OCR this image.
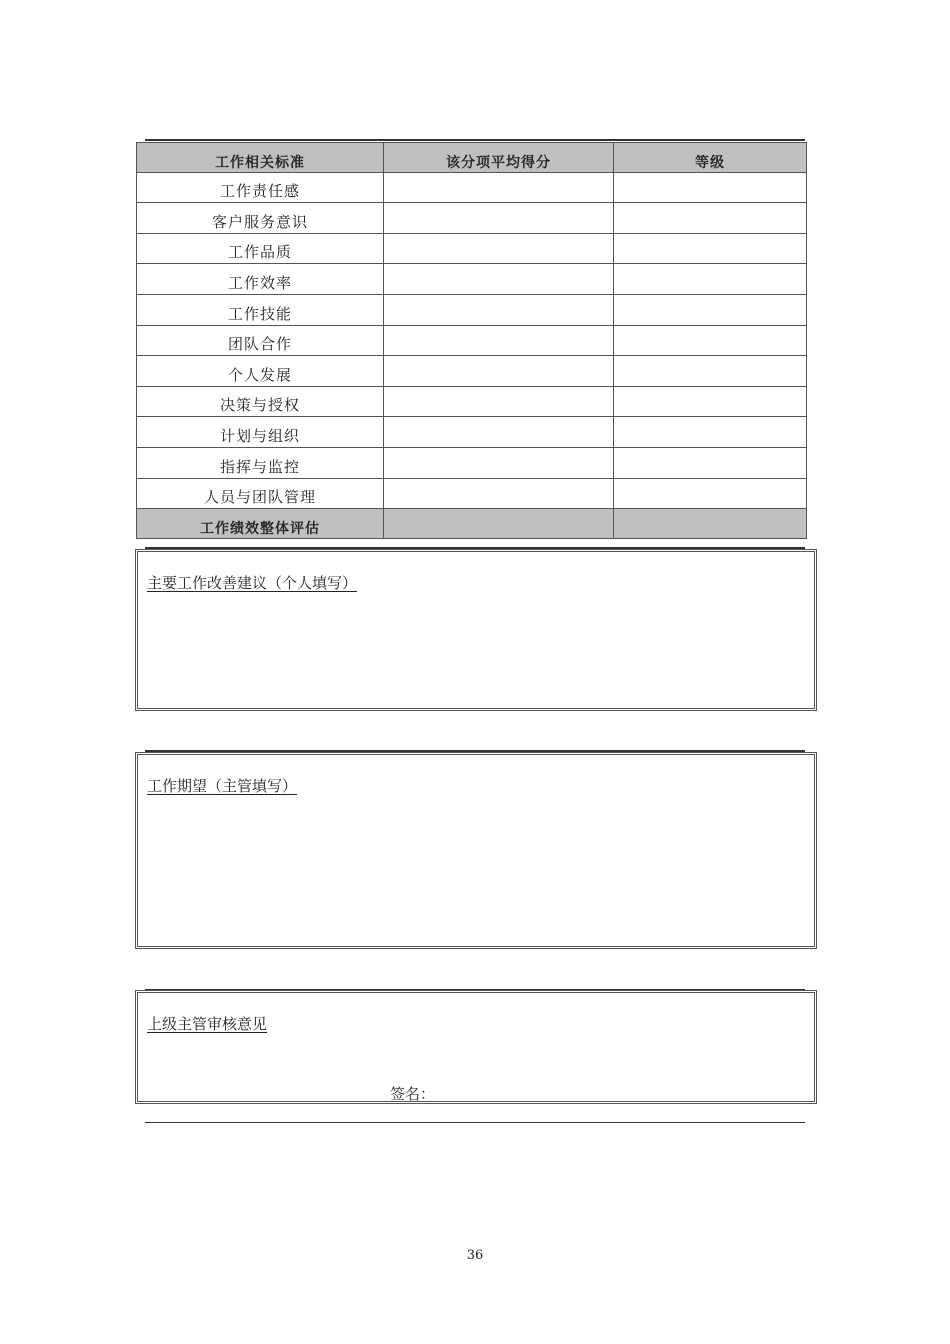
工作相关标准	该分项平均得分	等级
工作责任感		
客户服务意识		
工作品质		
工作效率		
工作技能		
团队合作		
个人发展		
决策与授权		
计划与组织		
指挥与监控		
人员与团队管理		
工作绩效整体评估		
主要工作改善建议（个人填写）
工作期望（主管填写）
上级主管审核意见
签名：
36
